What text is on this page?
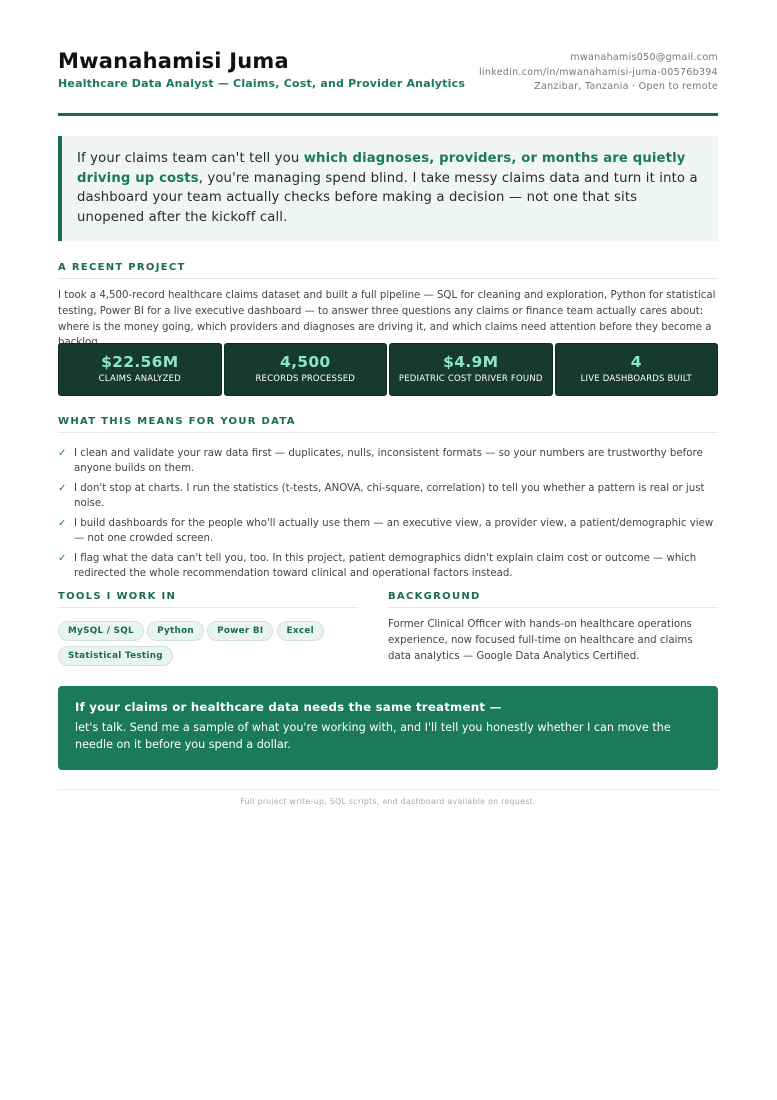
Mwanahamisi Juma
Healthcare Data Analyst — Claims, Cost, and Provider Analytics
mwanahamis050@gmail.com
linkedin.com/in/mwanahamisi-juma-00576b394
Zanzibar, Tanzania · Open to remote
If your claims team can't tell you which diagnoses, providers, or months are quietly driving up costs, you're managing spend blind. I take messy claims data and turn it into a dashboard your team actually checks before making a decision — not one that sits unopened after the kickoff call.
A RECENT PROJECT
I took a 4,500-record healthcare claims dataset and built a full pipeline — SQL for cleaning and exploration, Python for statistical testing, Power BI for a live executive dashboard — to answer three questions any claims or finance team actually cares about: where is the money going, which providers and diagnoses are driving it, and which claims need attention before they become a
$22.56M
CLAIMS ANALYZED
4,500
RECORDS PROCESSED
$4.9M
PEDIATRIC COST DRIVER FOUND
4
LIVE DASHBOARDS BUILT
WHAT THIS MEANS FOR YOUR DATA
✓ I clean and validate your raw data first — duplicates, nulls, inconsistent formats — so your numbers are trustworthy before anyone builds on them.
✓ I don't stop at charts. I run the statistics (t-tests, ANOVA, chi-square, correlation) to tell you whether a pattern is real or just noise.
✓ I build dashboards for the people who'll actually use them — an executive view, a provider view, a patient/demographic view — not one crowded screen.
✓ I flag what the data can't tell you, too. In this project, patient demographics didn't explain claim cost or outcome — which redirected the whole recommendation toward clinical and operational factors instead.
TOOLS I WORK IN
MySQL / SQL	Python	Power BI	Excel Statistical Testing
BACKGROUND
Former Clinical Officer with hands-on healthcare operations experience, now focused full-time on healthcare and claims data analytics — Google Data Analytics Certified.
If your claims or healthcare data needs the same treatment —
let's talk. Send me a sample of what you're working with, and I'll tell you honestly whether I can move the needle on it before you spend a dollar.
Full project write-up, SQL scripts, and dashboard available on request.
